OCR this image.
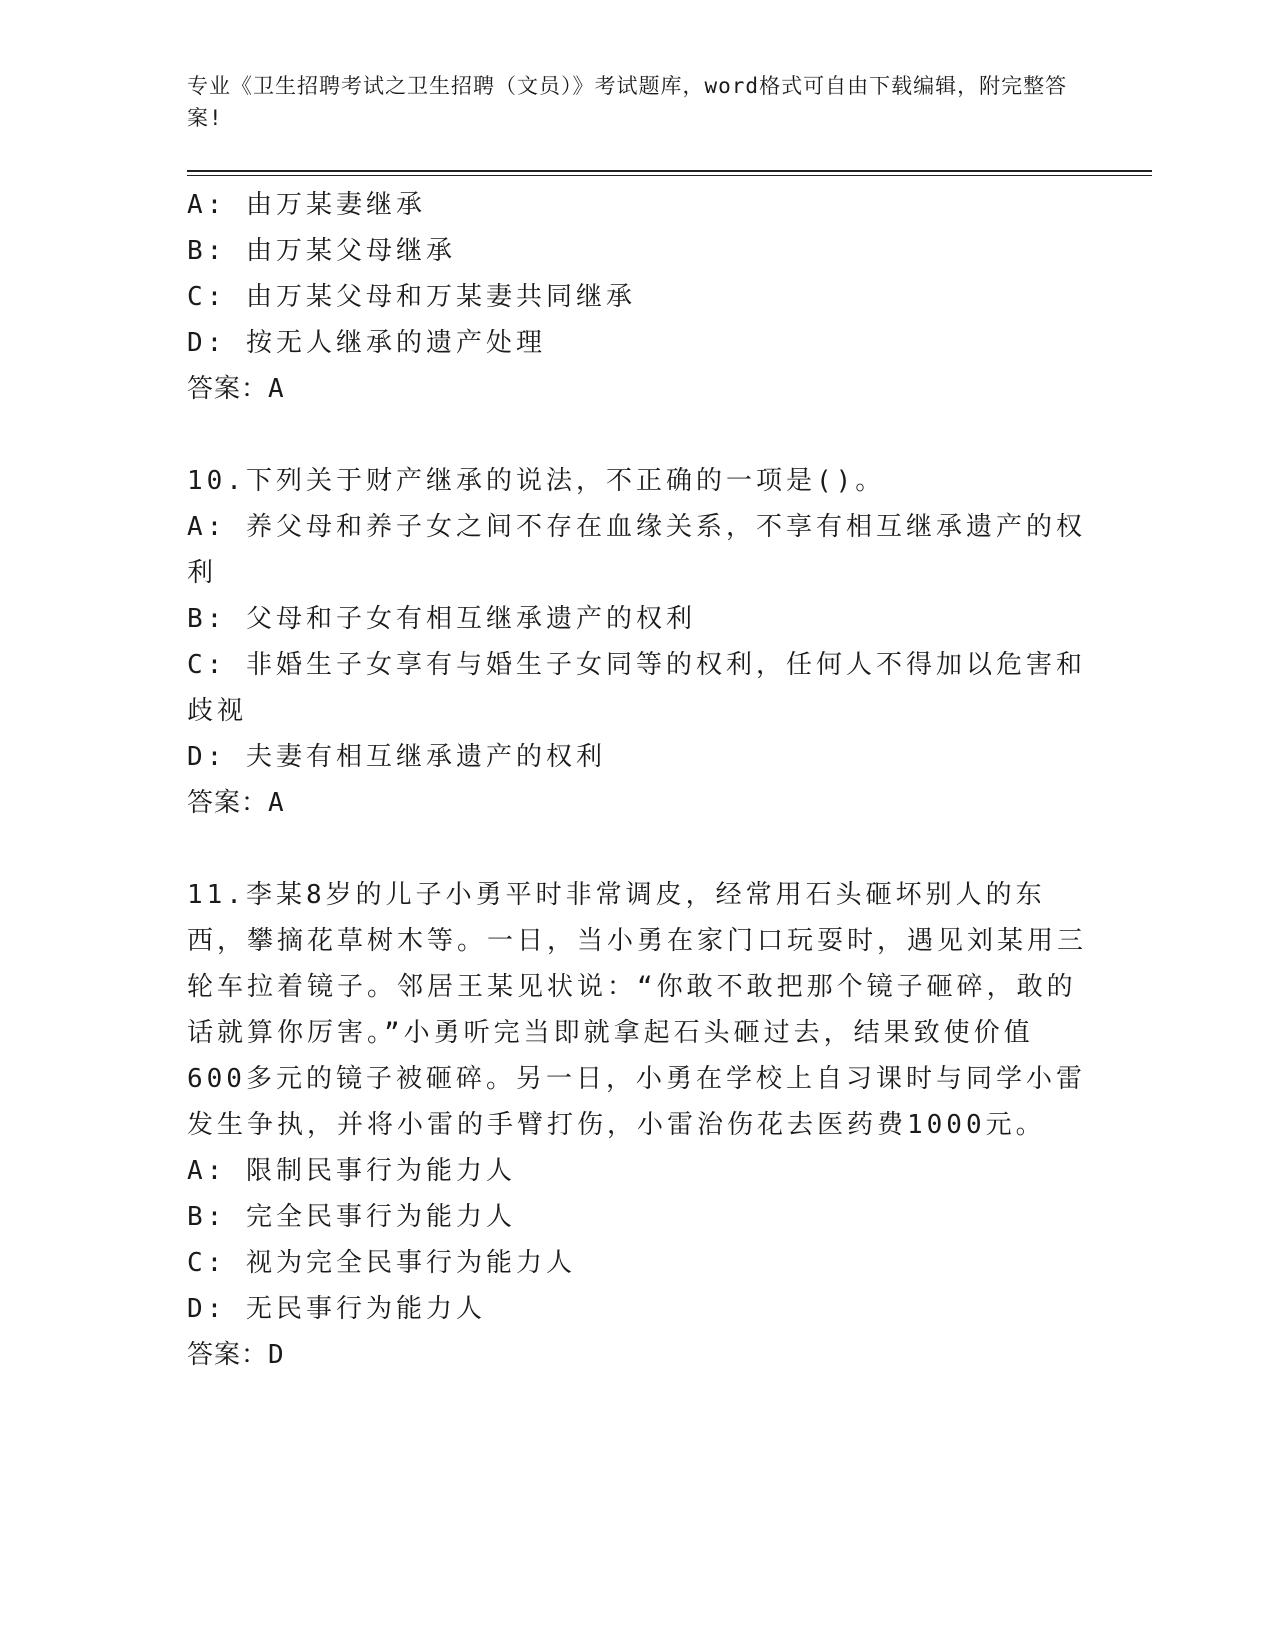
专业《卫生招聘考试之卫生招聘（文员）》考试题库，word格式可自由下载编辑，附完整答案!
A: 由万某妻继承
B: 由万某父母继承
C: 由万某父母和万某妻共同继承
D: 按无人继承的遗产处理
答案：A
10.下列关于财产继承的说法，不正确的一项是()。
A: 养父母和养子女之间不存在血缘关系，不享有相互继承遗产的权利
B: 父母和子女有相互继承遗产的权利
C: 非婚生子女享有与婚生子女同等的权利，任何人不得加以危害和歧视
D: 夫妻有相互继承遗产的权利
答案：A
11.李某8岁的儿子小勇平时非常调皮，经常用石头砸坏别人的东西，攀摘花草树木等。一日，当小勇在家门口玩耍时，遇见刘某用三轮车拉着镜子。邻居王某见状说：“你敢不敢把那个镜子砸碎，敢的话就算你厉害。”小勇听完当即就拿起石头砸过去，结果致使价值600多元的镜子被砸碎。另一日，小勇在学校上自习课时与同学小雷发生争执，并将小雷的手臂打伤，小雷治伤花去医药费1000元。
A: 限制民事行为能力人
B: 完全民事行为能力人
C: 视为完全民事行为能力人
D: 无民事行为能力人
答案：D
